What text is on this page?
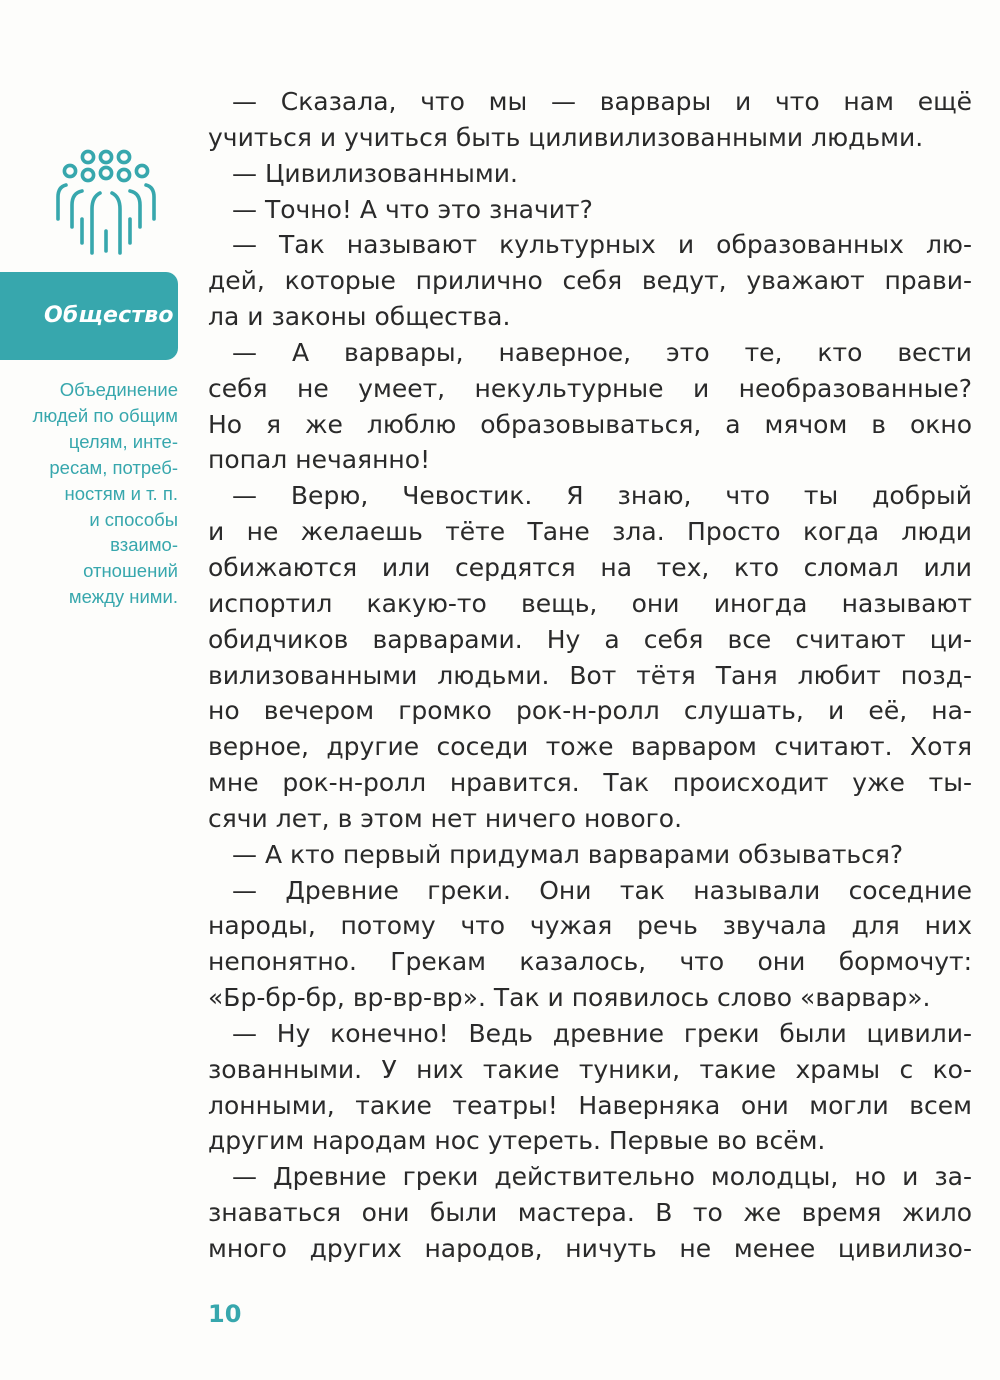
Общество
Объединение
людей по общим
целям, инте-
ресам, потреб-
ностям и т. п.
и способы
взаимо-
отношений
между ними.
— Сказала, что мы — варвары и что нам ещё
учиться и учиться быть циливилизованными людьми.
— Цивилизованными.
— Точно! А что это значит?
— Так называют культурных и образованных лю-
дей, которые прилично себя ведут, уважают прави-
ла и законы общества.
— А варвары, наверное, это те, кто вести
себя не умеет, некультурные и необразованные?
Но я же люблю образовываться, а мячом в окно
попал нечаянно!
— Верю, Чевостик. Я знаю, что ты добрый
и не желаешь тёте Тане зла. Просто когда люди
обижаются или сердятся на тех, кто сломал или
испортил какую-то вещь, они иногда называют
обидчиков варварами. Ну а себя все считают ци-
вилизованными людьми. Вот тётя Таня любит позд-
но вечером громко рок-н-ролл слушать, и её, на-
верное, другие соседи тоже варваром считают. Хотя
мне рок-н-ролл нравится. Так происходит уже ты-
сячи лет, в этом нет ничего нового.
— А кто первый придумал варварами обзываться?
— Древние греки. Они так называли соседние
народы, потому что чужая речь звучала для них
непонятно. Грекам казалось, что они бормочут:
«Бр-бр-бр, вр-вр-вр». Так и появилось слово «варвар».
— Ну конечно! Ведь древние греки были цивили-
зованными. У них такие туники, такие храмы с ко-
лонными, такие театры! Наверняка они могли всем
другим народам нос утереть. Первые во всём.
— Древние греки действительно молодцы, но и за-
знаваться они были мастера. В то же время жило
много других народов, ничуть не менее цивилизо-
10
